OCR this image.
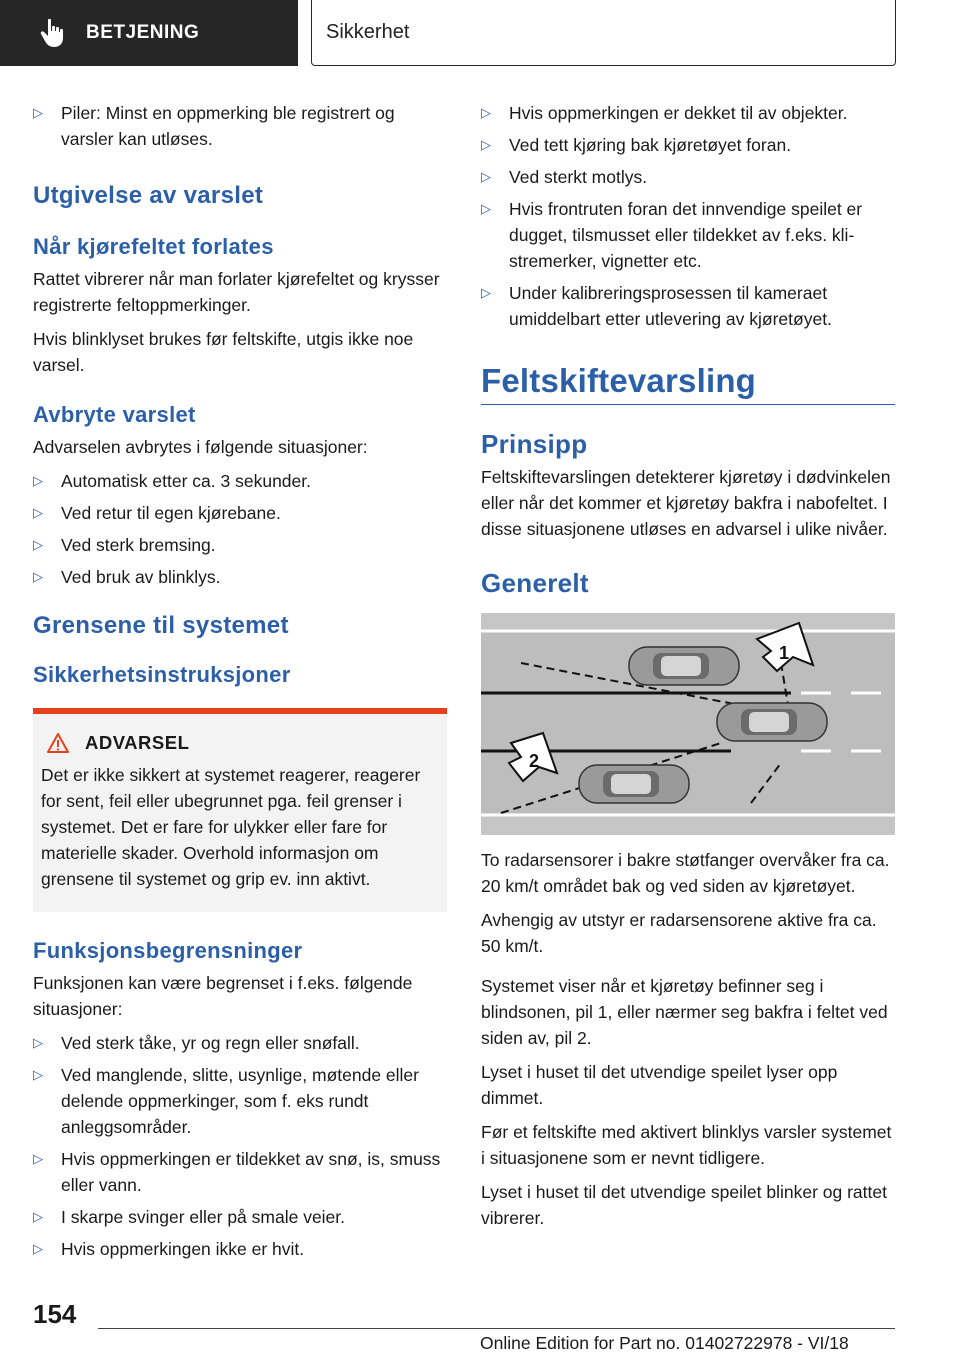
BETJENING	Sikkerhet
▷ Piler: Minst en oppmerking ble registrert og varsler kan utløses.
Utgivelse av varslet
Når kjørefeltet forlates

Rattet vibrerer når man forlater kjørefeltet og krysser registrerte feltoppmerkinger.

Hvis blinklyset brukes før feltskifte, utgis ikke noe varsel.

Avbryte varslet

Advarselen avbrytes i følgende situasjoner:

▷ Automatisk etter ca. 3 sekunder.
▷ Ved retur til egen kjørebane.
▷ Ved sterk bremsing.
▷ Ved bruk av blinklys.
Grensene til systemet
Sikkerhetsinstruksjoner
ADVARSEL

Det er ikke sikkert at systemet reagerer, reagerer for sent, feil eller ubegrunnet pga. feil grenser i systemet. Det er fare for ulykker eller fare for materielle skader. Overhold informasjon om grensene til systemet og grip ev. inn aktivt.

Funksjonsbegrensninger

Funksjonen kan være begrenset i f.eks. følgende situasjoner:

▷ Ved sterk tåke, yr og regn eller snøfall.
▷ Ved manglende, slitte, usynlige, møtende eller delende oppmerkinger, som f. eks rundt anleggsområder.
▷ Hvis oppmerkingen er tildekket av snø, is, smuss eller vann.
▷ I skarpe svinger eller på smale veier.
▷ Hvis oppmerkingen ikke er hvit.
▷ Hvis oppmerkingen er dekket til av objekter.
▷ Ved tett kjøring bak kjøretøyet foran.
▷ Ved sterkt motlys.
▷ Hvis frontruten foran det innvendige speilet er dugget, tilsmusset eller tildekket av f.eks. klistremerker, vignetter etc.
▷ Under kalibreringsprosessen til kameraet umiddelbart etter utlevering av kjøretøyet.
Feltskiftevarsling
Prinsipp

Feltskiftevarslingen detekterer kjøretøy i dødvinkelen eller når det kommer et kjøretøy bakfra i nabofeltet. I disse situasjonene utløses en advarsel i ulike nivåer.

Generelt
1
2

To radarsensorer i bakre støtfanger overvåker fra ca. 20 km/t området bak og ved siden av kjøretøyet.

Avhengig av utstyr er radarsensorene aktive fra ca. 50 km/t.

Systemet viser når et kjøretøy befinner seg i blindsonen, pil 1, eller nærmer seg bakfra i feltet ved siden av, pil 2.

Lyset i huset til det utvendige speilet lyser opp dimmet.

Før et feltskifte med aktivert blinklys varsler systemet i situasjonene som er nevnt tidligere.

Lyset i huset til det utvendige speilet blinker og rattet vibrerer.

154
Online Edition for Part no. 01402722978 - VI/18
